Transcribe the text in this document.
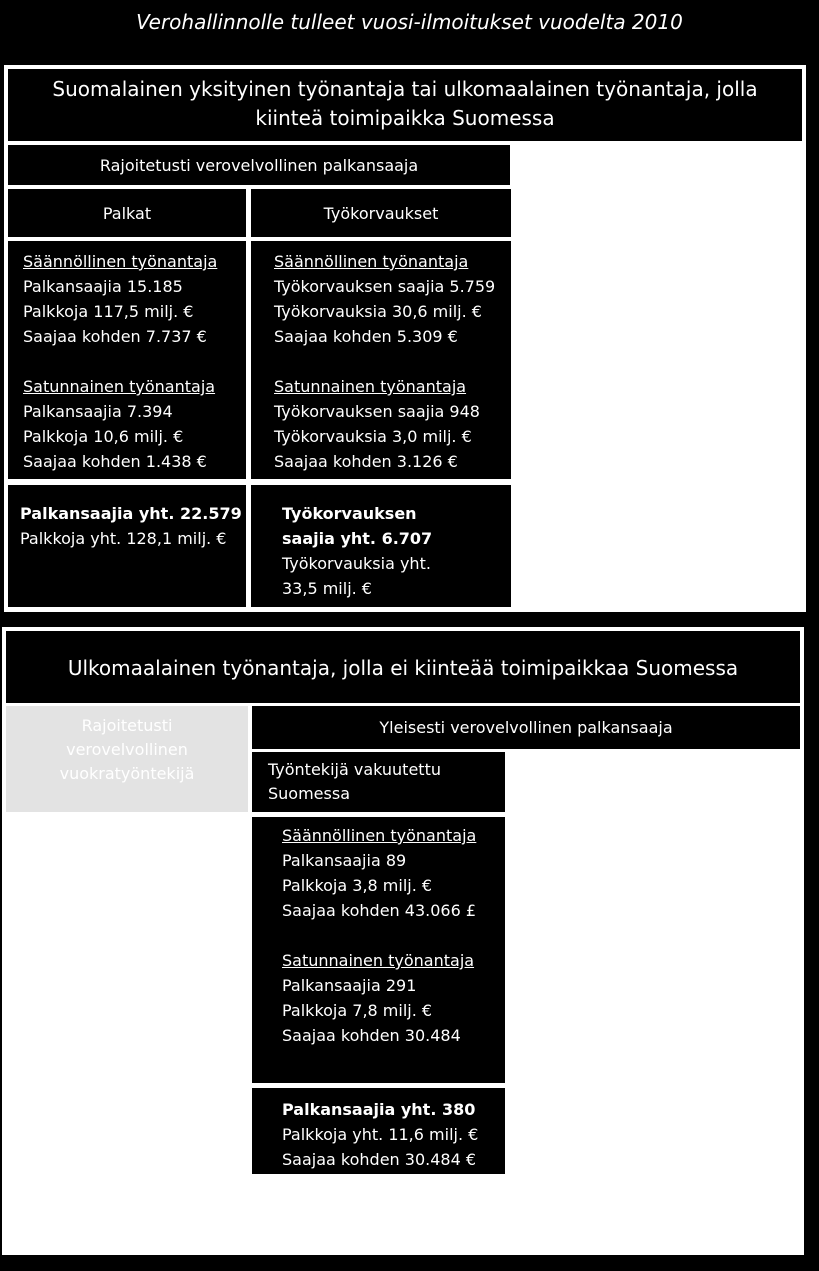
Verohallinnolle tulleet vuosi-ilmoitukset vuodelta 2010
Suomalainen yksityinen työnantaja tai ulkomaalainen työnantaja, jolla
kiinteä toimipaikka Suomessa
Rajoitetusti verovelvollinen palkansaaja
Palkat	Työkorvaukset
Säännöllinen työnantaja
Palkansaajia 15.185
Palkkoja 117,5 milj. €
Saajaa kohden 7.737 €
Satunnainen työnantaja
Palkansaajia 7.394
Palkkoja 10,6 milj. €
Saajaa kohden 1.438 €
Säännöllinen työnantaja
Työkorvauksen saajia 5.759
Työkorvauksia 30,6 milj. €
Saajaa kohden 5.309 €
Satunnainen työnantaja
Työkorvauksen saajia 948
Työkorvauksia 3,0 milj. €
Saajaa kohden 3.126 €
Palkansaajia yht. 22.579
Palkkoja yht. 128,1 milj. €
Työkorvauksen
saajia yht. 6.707
Työkorvauksia yht.
33,5 milj. €
Ulkomaalainen työnantaja, jolla ei kiinteää toimipaikkaa Suomessa
Rajoitetusti
verovelvollinen
vuokratyöntekijä
Yleisesti verovelvollinen palkansaaja
Työntekijä vakuutettu
Suomessa
Säännöllinen työnantaja
Palkansaajia 89
Palkkoja 3,8 milj. €
Saajaa kohden 43.066 £
Satunnainen työnantaja
Palkansaajia 291
Palkkoja 7,8 milj. €
Saajaa kohden 30.484
Palkansaajia yht. 380
Palkkoja yht. 11,6 milj. €
Saajaa kohden 30.484 €
